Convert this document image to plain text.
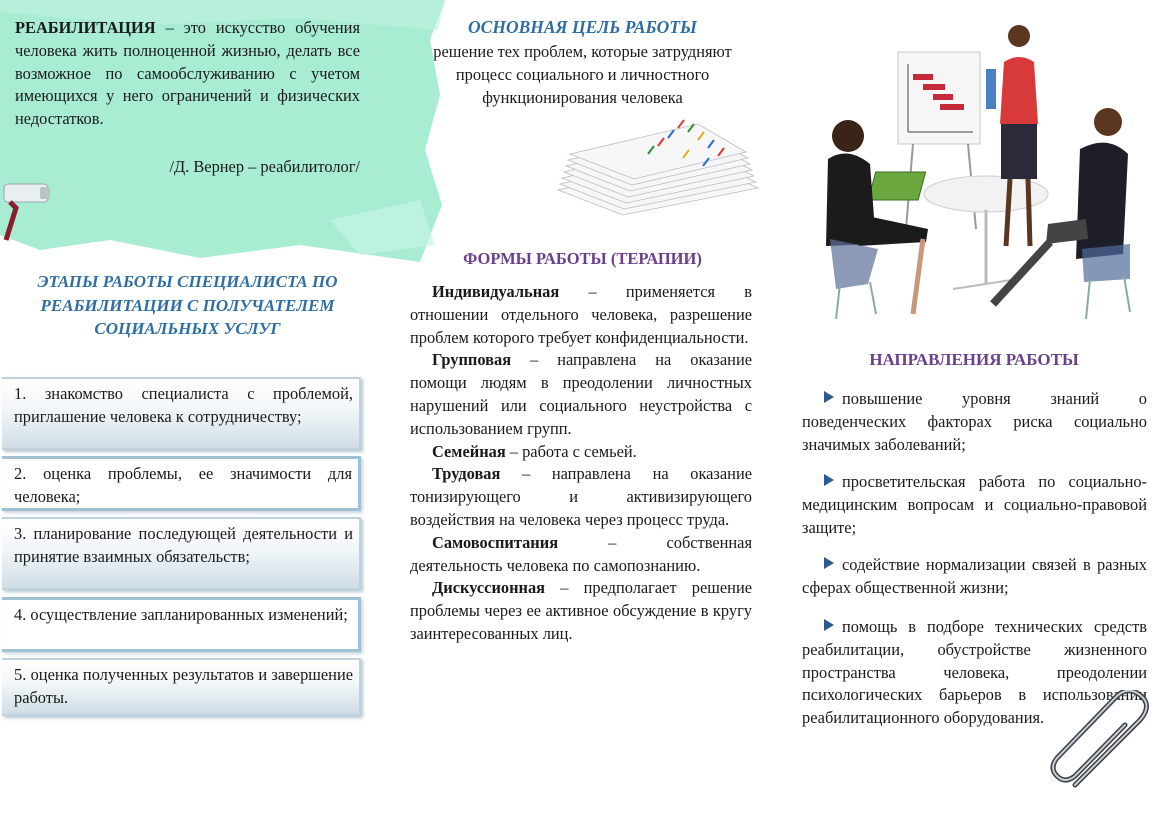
РЕАБИЛИТАЦИЯ – это искусство обучения человека жить полноценной жизнью, делать все возможное по самообслуживанию с учетом имеющихся у него ограничений и физических недостатков.
/Д. Вернер – реабилитолог/
ЭТАПЫ РАБОТЫ СПЕЦИАЛИСТА ПО РЕАБИЛИТАЦИИ С ПОЛУЧАТЕЛЕМ СОЦИАЛЬНЫХ УСЛУГ
1. знакомство специалиста с проблемой, приглашение человека к сотрудничеству;
2. оценка проблемы, ее значимости для человека;
3. планирование последующей деятельности и принятие взаимных обязательств;
4. осуществление запланированных изменений;
5. оценка полученных результатов и завершение работы.
ОСНОВНАЯ ЦЕЛЬ РАБОТЫ
решение тех проблем, которые затрудняют процесс социального и личностного функционирования человека
ФОРМЫ РАБОТЫ (ТЕРАПИИ)

Индивидуальная – применяется в отношении отдельного человека, разрешение проблем которого требует конфиденциальности.

Групповая – направлена на оказание помощи людям в преодолении личностных нарушений или социального неустройства с использованием групп.

Семейная – работа с семьей.

Трудовая – направлена на оказание тонизирующего и активизирующего воздействия на человека через процесс труда.

Самовоспитания – собственная деятельность человека по самопознанию.

Дискуссионная – предполагает решение проблемы через ее активное обсуждение в кругу заинтересованных лиц.

НАПРАВЛЕНИЯ РАБОТЫ
повышение уровня знаний о поведенческих факторах риска социально значимых заболеваний;
просветительская работа по социально-медицинским вопросам и социально-правовой защите;
содействие нормализации связей в разных сферах общественной жизни;
помощь в подборе технических средств реабилитации, обустройстве жизненного пространства человека, преодолении психологических барьеров в использовании реабилитационного оборудования.
